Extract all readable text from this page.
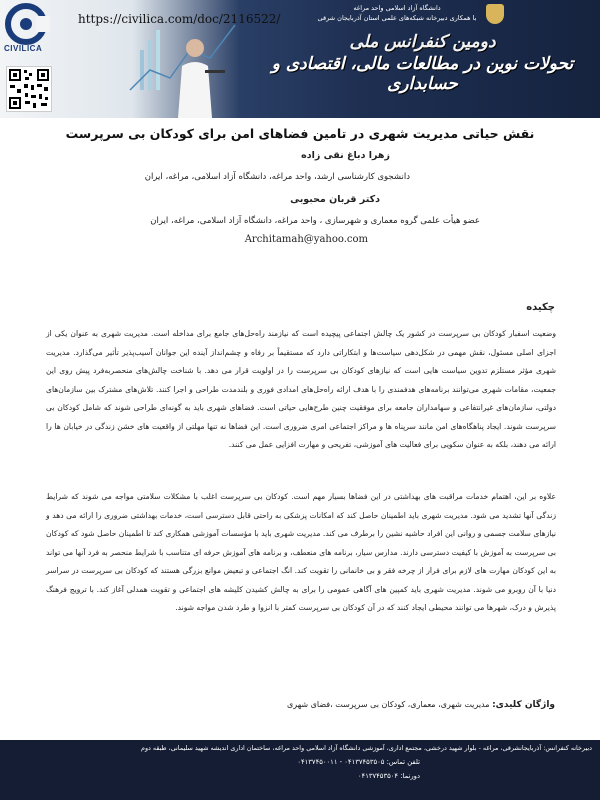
CIVILICA
https://civilica.com/doc/2116522/
دانشگاه آزاد اسلامی واحد مراغه
با همکاری دبیرخانه شبکه‌های علمی استان آذربایجان شرقی
دومین کنفرانس ملی
تحولات نوین در مطالعات مالی، اقتصادی و حسابداری
نقش حیاتی مدیریت شهری در تامین فضاهای امن برای کودکان بی سرپرست
زهرا دباغ نقی زاده
دانشجوی کارشناسی ارشد، واحد مراغه، دانشگاه آزاد اسلامی، مراغه، ایران
دکتر قربان محبوبی
عضو هیأت علمی گروه معماری و شهرسازی ، واحد مراغه، دانشگاه آزاد اسلامی، مراغه، ایران
Architamah@yahoo.com
چکیده
وضعیت اسفبار کودکان بی سرپرست در کشور یک چالش اجتماعی پیچیده است که نیازمند راه‌حل‌های جامع برای مداخله است. مدیریت شهری به عنوان یکی از اجزای اصلی مسئول، نقش مهمی در شکل‌دهی سیاست‌ها و ابتکاراتی دارد که مستقیماً بر رفاه و چشم‌انداز آینده این جوانان آسیب‌پذیر تأثیر می‌گذارد. مدیریت شهری مؤثر مستلزم تدوین سیاست هایی است که نیازهای کودکان بی سرپرست را در اولویت قرار می دهد. با شناخت چالش‌های منحصربه‌فرد پیش روی این جمعیت، مقامات شهری می‌توانند برنامه‌های هدفمندی را با هدف ارائه راه‌حل‌های امدادی فوری و بلندمدت طراحی و اجرا کنند. تلاش‌های مشترک بین سازمان‌های دولتی، سازمان‌های غیرانتفاعی و سهامداران جامعه برای موفقیت چنین طرح‌هایی حیاتی است. فضاهای شهری باید به گونه‌ای طراحی شوند که شامل کودکان بی سرپرست شوند. ایجاد پناهگاه‌های امن مانند سرپناه ها و مراکز اجتماعی امری ضروری است. این فضاها نه تنها مهلتی از واقعیت های خشن زندگی در خیابان ها را ارائه می دهند، بلکه به عنوان سکویی برای فعالیت های آموزشی، تفریحی و مهارت افزایی عمل می کنند.
علاوه بر این، اهتمام خدمات مراقبت های بهداشتی در این فضاها بسیار مهم است. کودکان بی سرپرست اغلب با مشکلات سلامتی مواجه می شوند که شرایط زندگی آنها تشدید می شود. مدیریت شهری باید اطمینان حاصل کند که امکانات پزشکی به راحتی قابل دسترسی است، خدمات بهداشتی ضروری را ارائه می دهد و نیازهای سلامت جسمی و روانی این افراد حاشیه نشین را برطرف می کند. مدیریت شهری باید با مؤسسات آموزشی همکاری کند تا اطمینان حاصل شود که کودکان بی سرپرست به آموزش با کیفیت دسترسی دارند. مدارس سیار، برنامه های منعطف، و برنامه های آموزش حرفه ای متناسب با شرایط منحصر به فرد آنها می تواند به این کودکان مهارت های لازم برای فرار از چرخه فقر و بی خانمانی را تقویت کند. انگ اجتماعی و تبعیض موانع بزرگی هستند که کودکان بی سرپرست در سراسر دنیا با آن روبرو می شوند. مدیریت شهری باید کمپین های آگاهی عمومی را برای به چالش کشیدن کلیشه های اجتماعی و تقویت همدلی آغاز کند. با ترویج فرهنگ پذیرش و درک، شهرها می توانند محیطی ایجاد کنند که در آن کودکان بی سرپرست کمتر با انزوا و طرد شدن مواجه شوند.
واژگان کلیدی: مدیریت شهری، معماری، کودکان بی سرپرست ،فضای شهری
دبیرخانه کنفرانس: آذربایجانشرقی، مراغه - بلوار شهید درخشی، مجتمع اداری، آموزشی دانشگاه آزاد اسلامی واحد مراغه، ساختمان اداری اندیشه شهید سلیمانی، طبقه دوم
تلفن تماس: ۰۴۱۳۷۴۵۳۵۰۵ - ۰۴۱۳۷۴۵۰۰۱۱
دورنما: ۰۴۱۳۷۴۵۳۵۰۴
